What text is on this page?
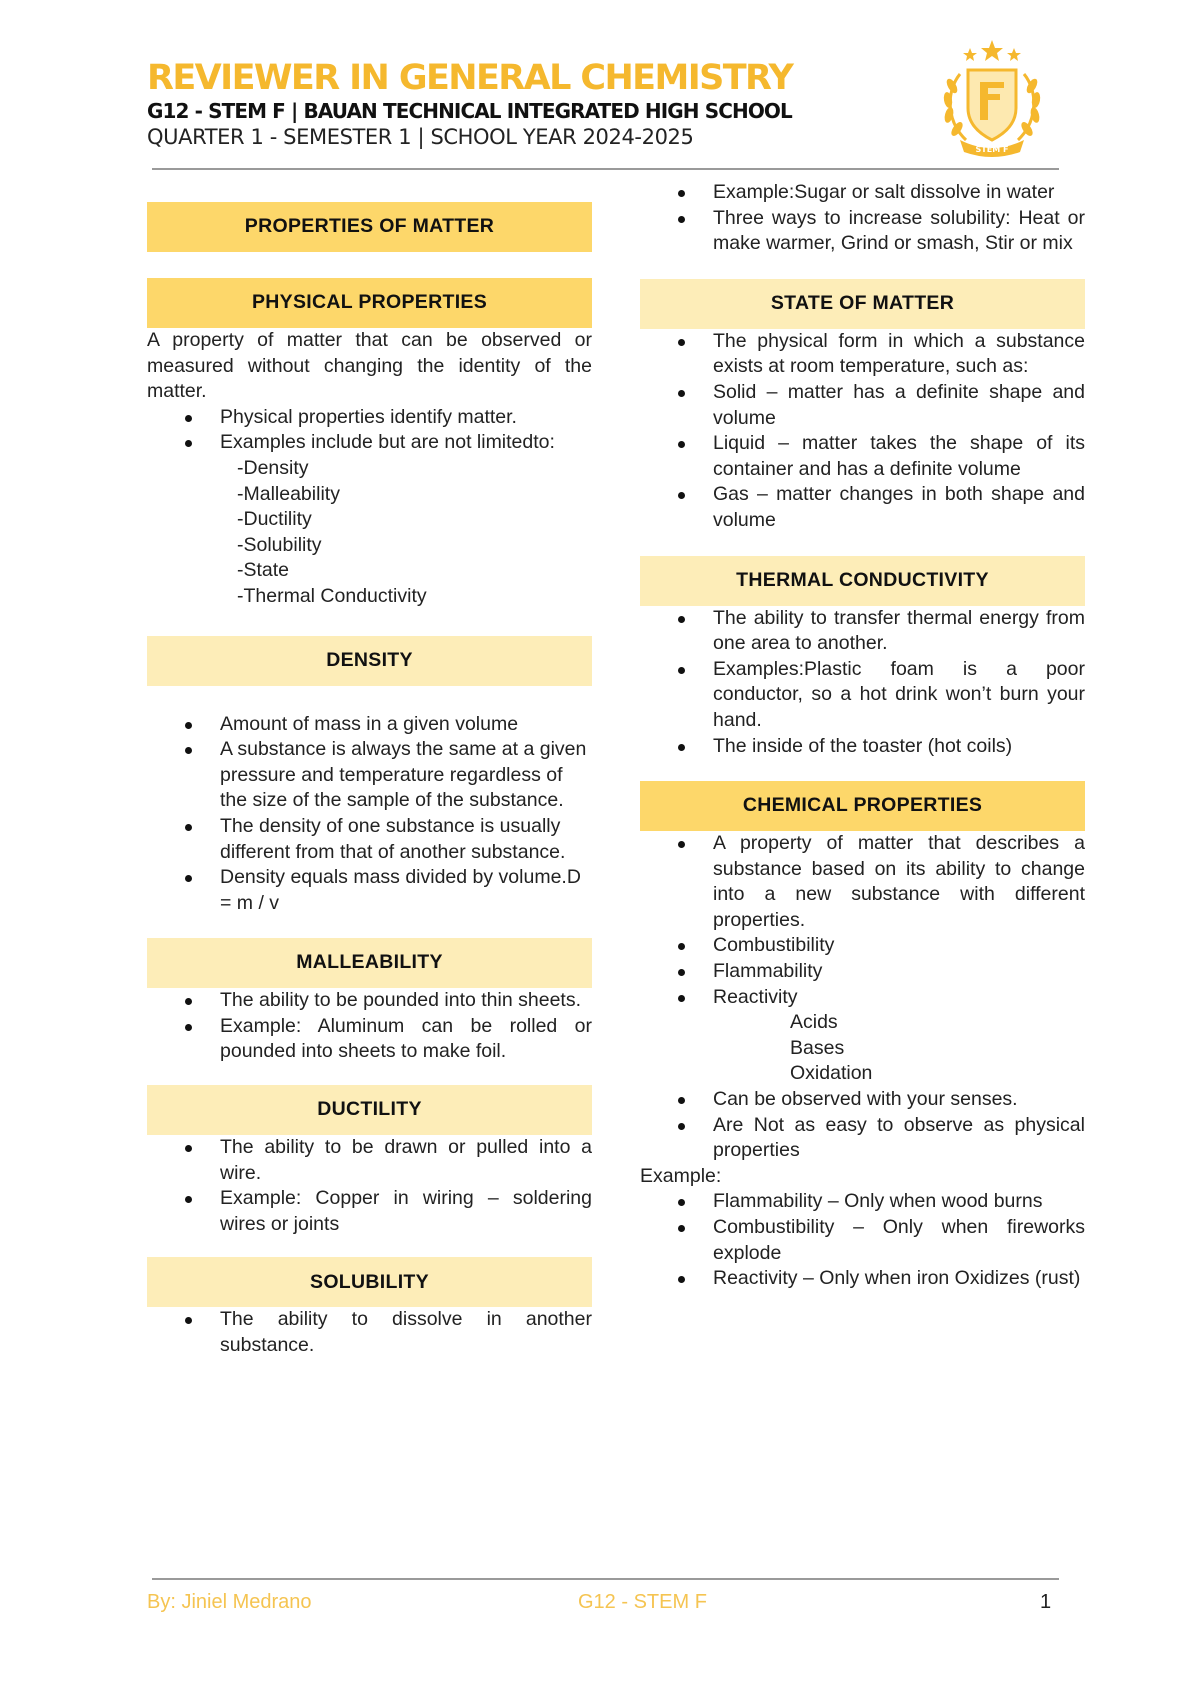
REVIEWER IN GENERAL CHEMISTRY
G12 - STEM F | BAUAN TECHNICAL INTEGRATED HIGH SCHOOL
QUARTER 1 - SEMESTER 1 | SCHOOL YEAR 2024-2025
STEM F
PROPERTIES OF MATTER
PHYSICAL PROPERTIES

A property of matter that can be observed or measured without changing the identity of the matter.

Physical properties identify matter.
Examples include but are not limitedto:
-Density
-Malleability
-Ductility
-Solubility
-State
-Thermal Conductivity
DENSITY
Amount of mass in a given volume
A substance is always the same at a given pressure and temperature regardless of the size of the sample of the substance.
The density of one substance is usually different from that of another substance.
Density equals mass divided by volume.D = m / v
MALLEABILITY
The ability to be pounded into thin sheets.
Example: Aluminum can be rolled or pounded into sheets to make foil.
DUCTILITY
The ability to be drawn or pulled into a wire.
Example: Copper in wiring – soldering wires or joints
SOLUBILITY
The ability to dissolve in another substance.
Example:Sugar or salt dissolve in water
Three ways to increase solubility: Heat or make warmer, Grind or smash, Stir or mix
STATE OF MATTER
The physical form in which a substance exists at room temperature, such as:
Solid – matter has a definite shape and volume
Liquid – matter takes the shape of its container and has a definite volume
Gas – matter changes in both shape and volume
THERMAL CONDUCTIVITY
The ability to transfer thermal energy from one area to another.
Examples:Plastic foam is a poor conductor, so a hot drink won’t burn your hand.
The inside of the toaster (hot coils)
CHEMICAL PROPERTIES
A property of matter that describes a substance based on its ability to change into a new substance with different properties.
Combustibility
Flammability
Reactivity
Acids
Bases
Oxidation
Can be observed with your senses.
Are Not as easy to observe as physical properties

Example:

Flammability – Only when wood burns
Combustibility – Only when fireworks explode
Reactivity – Only when iron Oxidizes (rust)
By: Jiniel Medrano	G12 - STEM F	1
